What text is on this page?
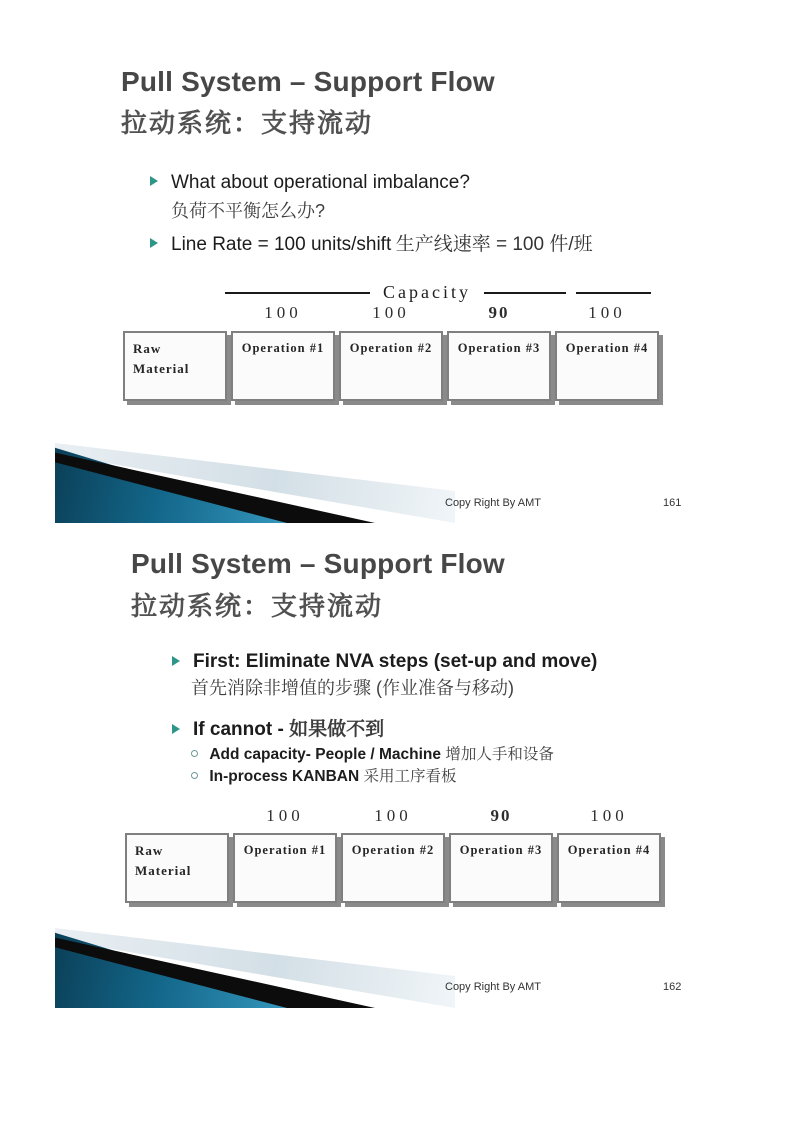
Pull System – Support Flow
拉动系统：支持流动
What about operational imbalance?
负荷不平衡怎么办?
Line Rate = 100 units/shift 生产线速率 = 100 件/班
Capacity
100	100	90	100
Raw Material
Operation #1	Operation #2	Operation #3	Operation #4
Copy Right By AMT	161
Pull System – Support Flow
拉动系统：支持流动
First: Eliminate NVA steps (set-up and move)
首先消除非增值的步骤 (作业准备与移动)
If cannot - 如果做不到
Add capacity- People / Machine 增加人手和设备
In-process KANBAN 采用工序看板
100	100	90	100
Raw Material
Operation #1	Operation #2	Operation #3	Operation #4
Copy Right By AMT	162
